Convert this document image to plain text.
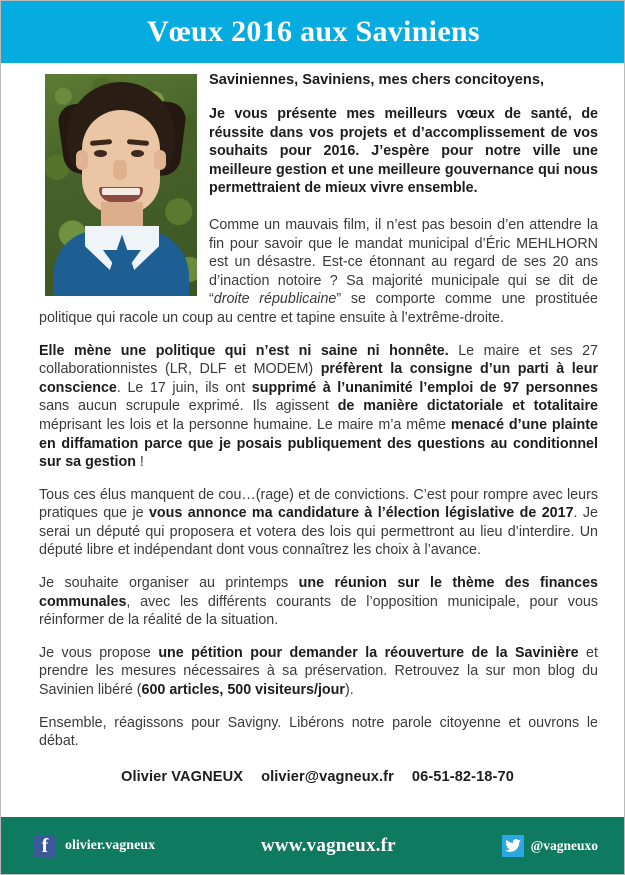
Vœux 2016 aux Saviniens

Saviniennes, Saviniens, mes chers concitoyens,

Je vous présente mes meilleurs vœux de santé, de réussite dans vos projets et d’accomplissement de vos souhaits pour 2016. J’espère pour notre ville une meilleure gestion et une meilleure gouvernance qui nous permettraient de mieux vivre ensemble.

Comme un mauvais film, il n’est pas besoin d’en attendre la fin pour savoir que le mandat municipal d’Éric MEHLHORN est un désastre. Est-ce étonnant au regard de ses 20 ans d’inaction notoire ? Sa majorité municipale qui se dit de “droite républicaine” se comporte comme une prostituée politique qui racole un coup au centre et tapine ensuite à l’extrême-droite.

Elle mène une politique qui n’est ni saine ni honnête. Le maire et ses 27 collaborationnistes (LR, DLF et MODEM) préfèrent la consigne d’un parti à leur conscience. Le 17 juin, ils ont supprimé à l’unanimité l’emploi de 97 personnes sans aucun scrupule exprimé. Ils agissent de manière dictatoriale et totalitaire méprisant les lois et la personne humaine. Le maire m’a même menacé d’une plainte en diffamation parce que je posais publiquement des questions au conditionnel sur sa gestion !

Tous ces élus manquent de cou…(rage) et de convictions. C’est pour rompre avec leurs pratiques que je vous annonce ma candidature à l’élection législative de 2017. Je serai un député qui proposera et votera des lois qui permettront au lieu d’interdire. Un député libre et indépendant dont vous connaîtrez les choix à l’avance.

Je souhaite organiser au printemps une réunion sur le thème des finances communales, avec les différents courants de l’opposition municipale, pour vous réinformer de la réalité de la situation.

Je vous propose une pétition pour demander la réouverture de la Savinière et prendre les mesures nécessaires à sa préservation. Retrouvez la sur mon blog du Savinien libéré (600 articles, 500 visiteurs/jour).

Ensemble, réagissons pour Savigny. Libérons notre parole citoyenne et ouvrons le débat.

Olivier VAGNEUX olivier@vagneux.fr 06-51-82-18-70
f olivier.vagneux	www.vagneux.fr	@vagneuxo
